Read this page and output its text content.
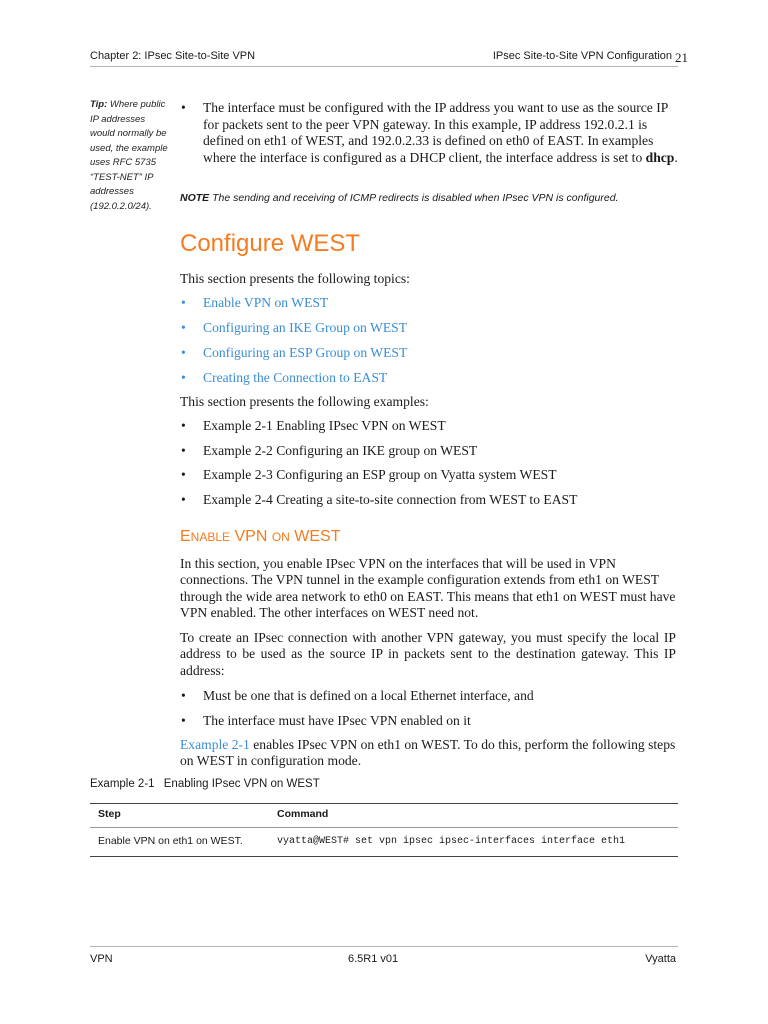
Chapter 2: IPsec Site-to-Site VPN	IPsec Site-to-Site VPN Configuration 21
Tip: Where public IP addresses would normally be used, the example uses RFC 5735 “TEST-NET” IP addresses (192.0.2.0/24).
• The interface must be configured with the IP address you want to use as the source IP for packets sent to the peer VPN gateway. In this example, IP address 192.0.2.1 is defined on eth1 of WEST, and 192.0.2.33 is defined on eth0 of EAST. In examples where the interface is configured as a DHCP client, the interface address is set to dhcp.
NOTE The sending and receiving of ICMP redirects is disabled when IPsec VPN is configured.
Configure WEST
This section presents the following topics:
• Enable VPN on WEST
• Configuring an IKE Group on WEST
• Configuring an ESP Group on WEST
• Creating the Connection to EAST
This section presents the following examples:
• Example 2-1 Enabling IPsec VPN on WEST
• Example 2-2 Configuring an IKE group on WEST
• Example 2-3 Configuring an ESP group on Vyatta system WEST
• Example 2-4 Creating a site-to-site connection from WEST to EAST
ENABLE VPN ON WEST
In this section, you enable IPsec VPN on the interfaces that will be used in VPN connections. The VPN tunnel in the example configuration extends from eth1 on WEST through the wide area network to eth0 on EAST. This means that eth1 on WEST must have VPN enabled. The other interfaces on WEST need not.
To create an IPsec connection with another VPN gateway, you must specify the local IP address to be used as the source IP in packets sent to the destination gateway. This IP address:
• Must be one that is defined on a local Ethernet interface, and
• The interface must have IPsec VPN enabled on it
Example 2-1 enables IPsec VPN on eth1 on WEST. To do this, perform the following steps on WEST in configuration mode.
Example 2-1 Enabling IPsec VPN on WEST
Step	Command
Enable VPN on eth1 on WEST.	vyatta@WEST# set vpn ipsec ipsec-interfaces interface eth1
VPN	6.5R1 v01	Vyatta
